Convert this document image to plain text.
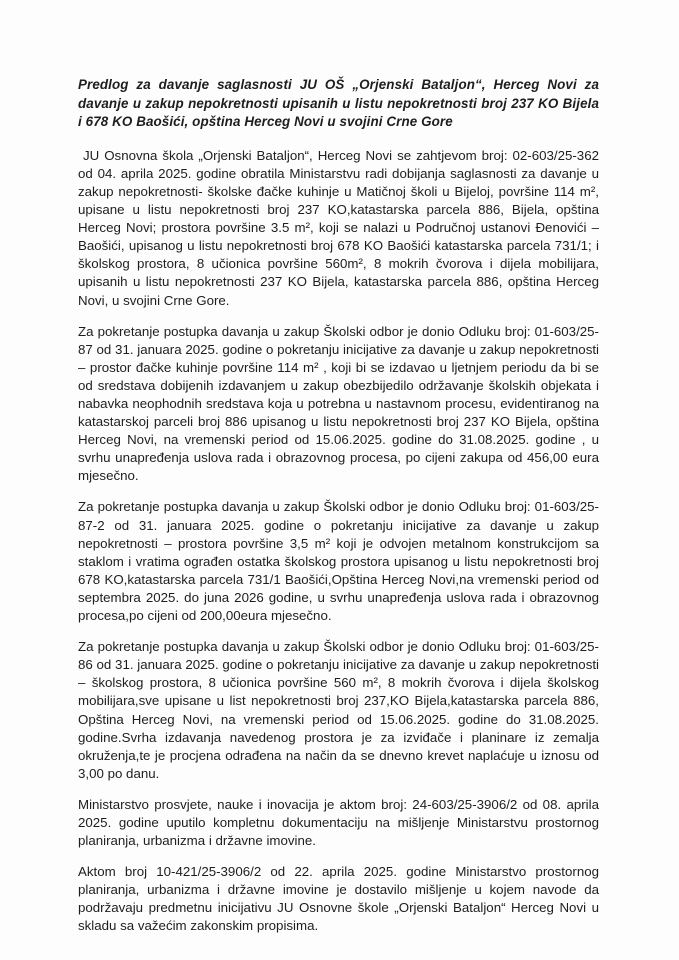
Predlog za davanje saglasnosti JU OŠ „Orjenski Bataljon“, Herceg Novi za davanje u zakup nepokretnosti upisanih u listu nepokretnosti broj 237 KO Bijela i 678 KO Baošići, opština Herceg Novi u svojini Crne Gore

JU Osnovna škola „Orjenski Bataljon“, Herceg Novi se zahtjevom broj: 02-603/25-362 od 04. aprila 2025. godine obratila Ministarstvu radi dobijanja saglasnosti za davanje u zakup nepokretnosti- školske đačke kuhinje u Matičnoj školi u Bijeloj, površine 114 m², upisane u listu nepokretnosti broj 237 KO,katastarska parcela 886, Bijela, opština Herceg Novi; prostora površine 3.5 m², koji se nalazi u Područnoj ustanovi Đenovići – Baošići, upisanog u listu nepokretnosti broj 678 KO Baošići katastarska parcela 731/1; i školskog prostora, 8 učionica površine 560m², 8 mokrih čvorova i dijela mobilijara, upisanih u listu nepokretnosti 237 KO Bijela, katastarska parcela 886, opština Herceg Novi, u svojini Crne Gore.

Za pokretanje postupka davanja u zakup Školski odbor je donio Odluku broj: 01-603/25-87 od 31. januara 2025. godine o pokretanju inicijative za davanje u zakup nepokretnosti – prostor đačke kuhinje površine 114 m² , koji bi se izdavao u ljetnjem periodu da bi se od sredstava dobijenih izdavanjem u zakup obezbijedilo održavanje školskih objekata i nabavka neophodnih sredstava koja u potrebna u nastavnom procesu, evidentiranog na katastarskoj parceli broj 886 upisanog u listu nepokretnosti broj 237 KO Bijela, opština Herceg Novi, na vremenski period od 15.06.2025. godine do 31.08.2025. godine , u svrhu unapređenja uslova rada i obrazovnog procesa, po cijeni zakupa od 456,00 eura mjesečno.

Za pokretanje postupka davanja u zakup Školski odbor je donio Odluku broj: 01-603/25-87-2 od 31. januara 2025. godine o pokretanju inicijative za davanje u zakup nepokretnosti – prostora površine 3,5 m² koji je odvojen metalnom konstrukcijom sa staklom i vratima ograđen ostatka školskog prostora upisanog u listu nepokretnosti broj 678 KO,katastarska parcela 731/1 Baošići,Opština Herceg Novi,na vremenski period od septembra 2025. do juna 2026 godine, u svrhu unapređenja uslova rada i obrazovnog procesa,po cijeni od 200,00eura mjesečno.

Za pokretanje postupka davanja u zakup Školski odbor je donio Odluku broj: 01-603/25-86 od 31. januara 2025. godine o pokretanju inicijative za davanje u zakup nepokretnosti – školskog prostora, 8 učionica površine 560 m², 8 mokrih čvorova i dijela školskog mobilijara,sve upisane u list nepokretnosti broj 237,KO Bijela,katastarska parcela 886, Opština Herceg Novi, na vremenski period od 15.06.2025. godine do 31.08.2025. godine.Svrha izdavanja navedenog prostora je za izviđače i planinare iz zemalja okruženja,te je procjena odrađena na način da se dnevno krevet naplaćuje u iznosu od 3,00 po danu.

Ministarstvo prosvjete, nauke i inovacija je aktom broj: 24-603/25-3906/2 od 08. aprila 2025. godine uputilo kompletnu dokumentaciju na mišljenje Ministarstvu prostornog planiranja, urbanizma i državne imovine.

Aktom broj 10-421/25-3906/2 od 22. aprila 2025. godine Ministarstvo prostornog planiranja, urbanizma i državne imovine je dostavilo mišljenje u kojem navode da podržavaju predmetnu inicijativu JU Osnovne škole „Orjenski Bataljon“ Herceg Novi u skladu sa važećim zakonskim propisima.
